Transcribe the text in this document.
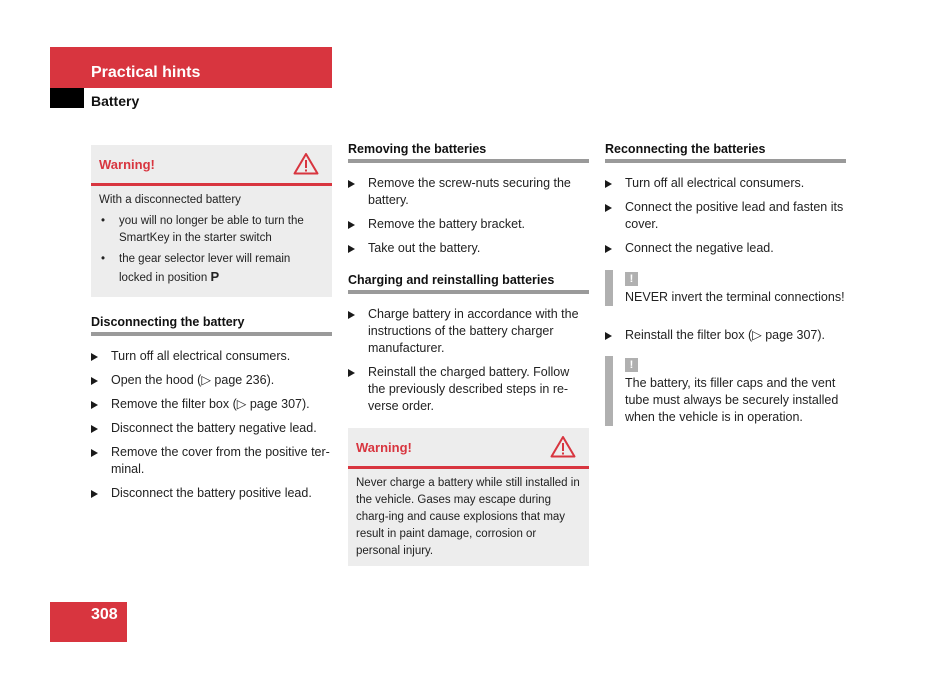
Practical hints
Battery
Warning!
With a disconnected battery
• you will no longer be able to turn the SmartKey in the starter switch
• the gear selector lever will remain locked in position P
Disconnecting the battery
Turn off all electrical consumers.
Open the hood (▷ page 236).
Remove the filter box (▷ page 307).
Disconnect the battery negative lead.
Remove the cover from the positive ter-minal.
Disconnect the battery positive lead.
Removing the batteries
Remove the screw-nuts securing the battery.
Remove the battery bracket.
Take out the battery.
Charging and reinstalling batteries
Charge battery in accordance with the instructions of the battery charger manufacturer.
Reinstall the charged battery. Follow the previously described steps in re-verse order.
Warning!
Never charge a battery while still installed in the vehicle. Gases may escape during charg-ing and cause explosions that may result in paint damage, corrosion or personal injury.
Reconnecting the batteries
Turn off all electrical consumers.
Connect the positive lead and fasten its cover.
Connect the negative lead.
!
NEVER invert the terminal connections!
Reinstall the filter box (▷ page 307).
!
The battery, its filler caps and the vent tube must always be securely installed when the vehicle is in operation.
308
